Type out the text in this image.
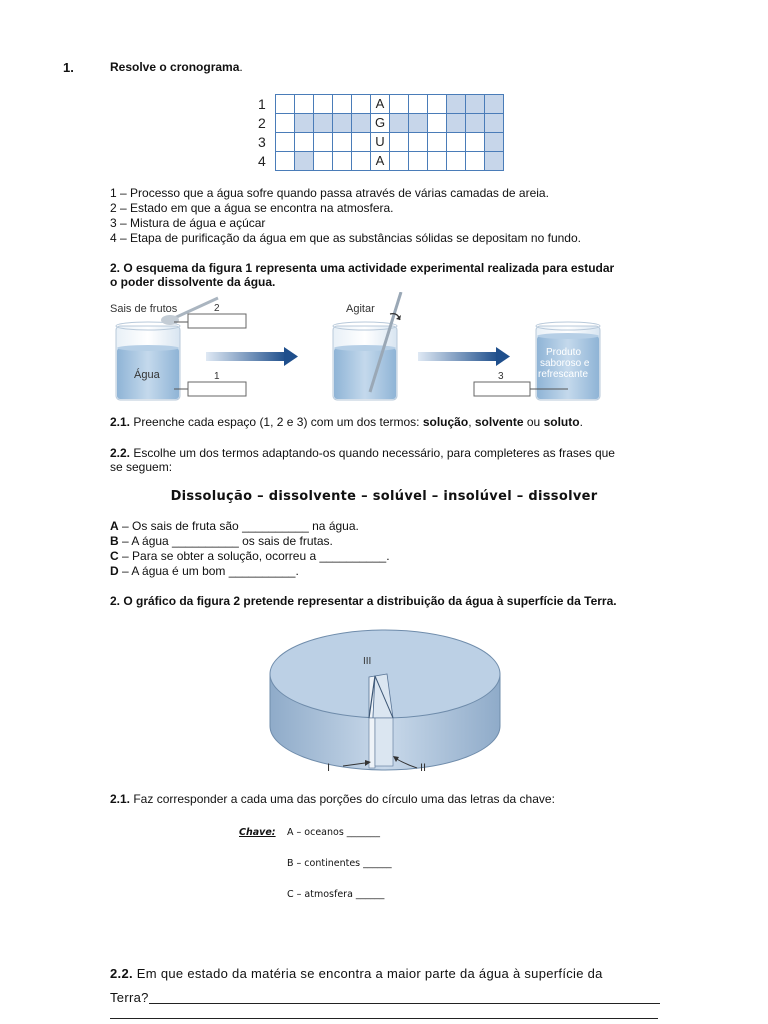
1.	Resolve o cronograma.
1	A
2	G
3	U
4	A
1 – Processo que a água sofre quando passa através de várias camadas de areia.
2 – Estado em que a água se encontra na atmosfera.
3 – Mistura de água e açúcar
4 – Etapa de purificação da água em que as substâncias sólidas se depositam no fundo.
2. O esquema da figura 1 representa uma actividade experimental realizada para estudar
o poder dissolvente da água.
Sais de frutos
Água
2
1
Agitar
Produto
saboroso e
refrescante
3
2.1. Preenche cada espaço (1, 2 e 3) com um dos termos: solução, solvente ou soluto.
2.2. Escolhe um dos termos adaptando-os quando necessário, para completeres as frases que
se seguem:
Dissolução – dissolvente – solúvel – insolúvel – dissolver
A – Os sais de fruta são __________ na água.
B – A água __________ os sais de frutas.
C – Para se obter a solução, ocorreu a __________.
D – A água é um bom __________.
2. O gráfico da figura 2 pretende representar a distribuição da água à superfície da Terra.
III
I	II
2.1. Faz corresponder a cada uma das porções do círculo uma das letras da chave:
Chave: A – oceanos _______
B – continentes ______
C – atmosfera ______
2.2. Em que estado da matéria se encontra a maior parte da água à superfície da
Terra?
